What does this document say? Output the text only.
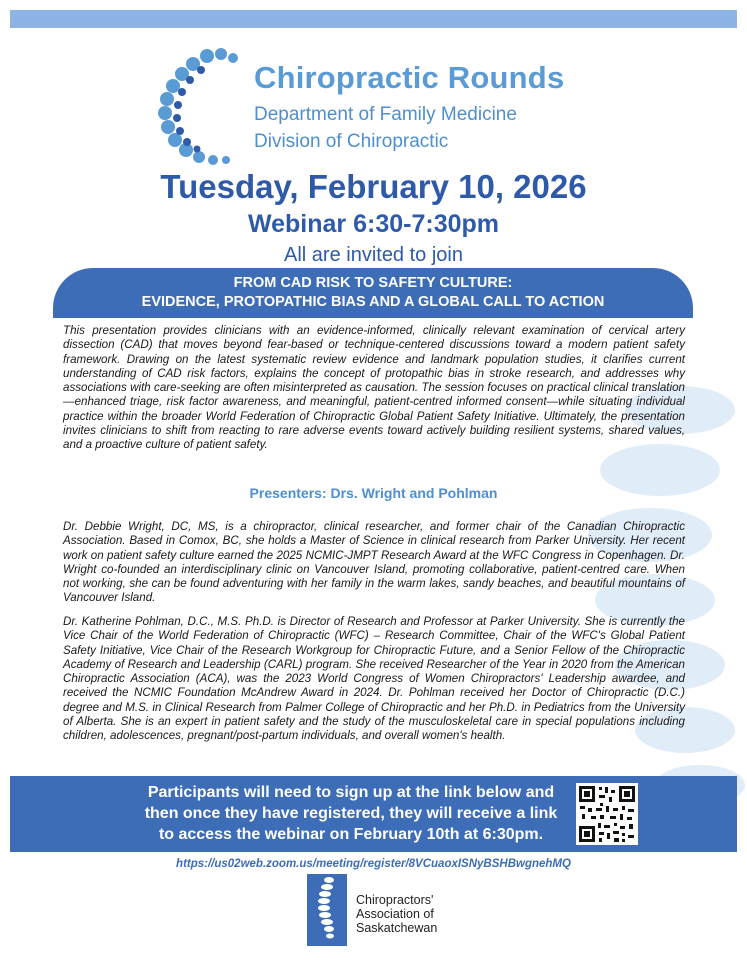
Chiropractic Rounds
Department of Family Medicine
Division of Chiropractic
Tuesday, February 10, 2026
Webinar 6:30-7:30pm
All are invited to join
FROM CAD RISK TO SAFETY CULTURE:
EVIDENCE, PROTOPATHIC BIAS AND A GLOBAL CALL TO ACTION
This presentation provides clinicians with an evidence-informed, clinically relevant examination of cervical artery dissection (CAD) that moves beyond fear-based or technique-centered discussions toward a modern patient safety framework. Drawing on the latest systematic review evidence and landmark population studies, it clarifies current understanding of CAD risk factors, explains the concept of protopathic bias in stroke research, and addresses why associations with care-seeking are often misinterpreted as causation. The session focuses on practical clinical translation—enhanced triage, risk factor awareness, and meaningful, patient-centred informed consent—while situating individual practice within the broader World Federation of Chiropractic Global Patient Safety Initiative. Ultimately, the presentation invites clinicians to shift from reacting to rare adverse events toward actively building resilient systems, shared values, and a proactive culture of patient safety.
Presenters: Drs. Wright and Pohlman
Dr. Debbie Wright, DC, MS, is a chiropractor, clinical researcher, and former chair of the Canadian Chiropractic Association. Based in Comox, BC, she holds a Master of Science in clinical research from Parker University. Her recent work on patient safety culture earned the 2025 NCMIC-JMPT Research Award at the WFC Congress in Copenhagen. Dr. Wright co-founded an interdisciplinary clinic on Vancouver Island, promoting collaborative, patient-centred care. When not working, she can be found adventuring with her family in the warm lakes, sandy beaches, and beautiful mountains of Vancouver Island.
Dr. Katherine Pohlman, D.C., M.S. Ph.D. is Director of Research and Professor at Parker University. She is currently the Vice Chair of the World Federation of Chiropractic (WFC) – Research Committee, Chair of the WFC's Global Patient Safety Initiative, Vice Chair of the Research Workgroup for Chiropractic Future, and a Senior Fellow of the Chiropractic Academy of Research and Leadership (CARL) program. She received Researcher of the Year in 2020 from the American Chiropractic Association (ACA), was the 2023 World Congress of Women Chiropractors' Leadership awardee, and received the NCMIC Foundation McAndrew Award in 2024. Dr. Pohlman received her Doctor of Chiropractic (D.C.) degree and M.S. in Clinical Research from Palmer College of Chiropractic and her Ph.D. in Pediatrics from the University of Alberta. She is an expert in patient safety and the study of the musculoskeletal care in special populations including children, adolescences, pregnant/post-partum individuals, and overall women's health.
Participants will need to sign up at the link below and
then once they have registered, they will receive a link
to access the webinar on February 10th at 6:30pm.
https://us02web.zoom.us/meeting/register/8VCuaoxISNyBSHBwgnehMQ
Chiropractors'
Association of
Saskatchewan
